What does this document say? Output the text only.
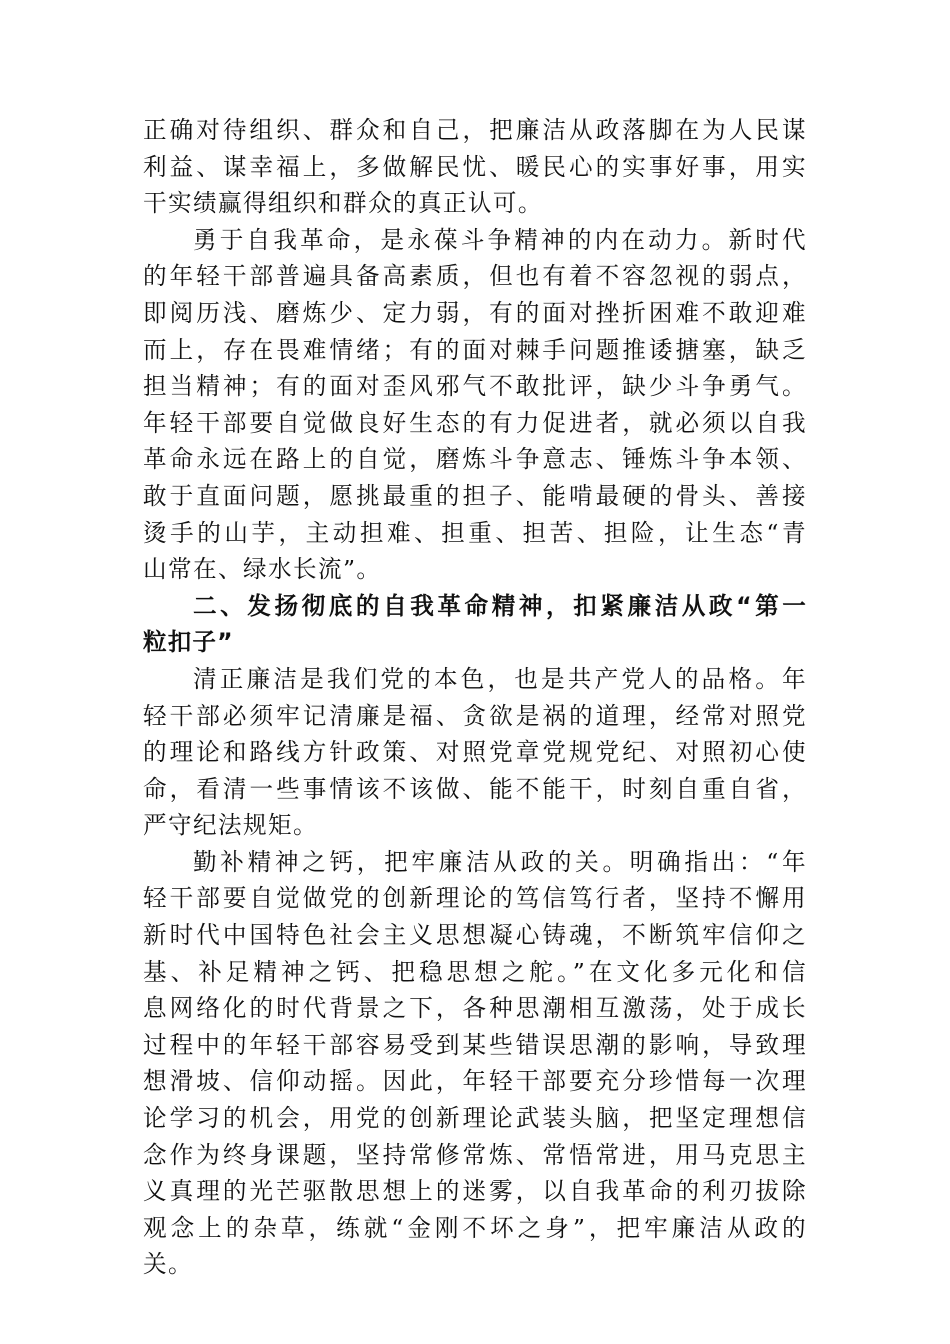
正确对待组织、群众和自己，把廉洁从政落脚在为人民谋
利益、谋幸福上，多做解民忧、暖民心的实事好事，用实
干实绩赢得组织和群众的真正认可。
勇于自我革命，是永葆斗争精神的内在动力。新时代
的年轻干部普遍具备高素质，但也有着不容忽视的弱点，
即阅历浅、磨炼少、定力弱，有的面对挫折困难不敢迎难
而上，存在畏难情绪；有的面对棘手问题推诿搪塞，缺乏
担当精神；有的面对歪风邪气不敢批评，缺少斗争勇气。
年轻干部要自觉做良好生态的有力促进者，就必须以自我
革命永远在路上的自觉，磨炼斗争意志、锤炼斗争本领、
敢于直面问题，愿挑最重的担子、能啃最硬的骨头、善接
烫手的山芋，主动担难、担重、担苦、担险，让生态“青
山常在、绿水长流”。
二、发扬彻底的自我革命精神，扣紧廉洁从政“第一
粒扣子”
清正廉洁是我们党的本色，也是共产党人的品格。年
轻干部必须牢记清廉是福、贪欲是祸的道理，经常对照党
的理论和路线方针政策、对照党章党规党纪、对照初心使
命，看清一些事情该不该做、能不能干，时刻自重自省，
严守纪法规矩。
勤补精神之钙，把牢廉洁从政的关。明确指出：“年
轻干部要自觉做党的创新理论的笃信笃行者，坚持不懈用
新时代中国特色社会主义思想凝心铸魂，不断筑牢信仰之
基、补足精神之钙、把稳思想之舵。”在文化多元化和信
息网络化的时代背景之下，各种思潮相互激荡，处于成长
过程中的年轻干部容易受到某些错误思潮的影响，导致理
想滑坡、信仰动摇。因此，年轻干部要充分珍惜每一次理
论学习的机会，用党的创新理论武装头脑，把坚定理想信
念作为终身课题，坚持常修常炼、常悟常进，用马克思主
义真理的光芒驱散思想上的迷雾，以自我革命的利刃拔除
观念上的杂草，练就“金刚不坏之身”，把牢廉洁从政的
关。
